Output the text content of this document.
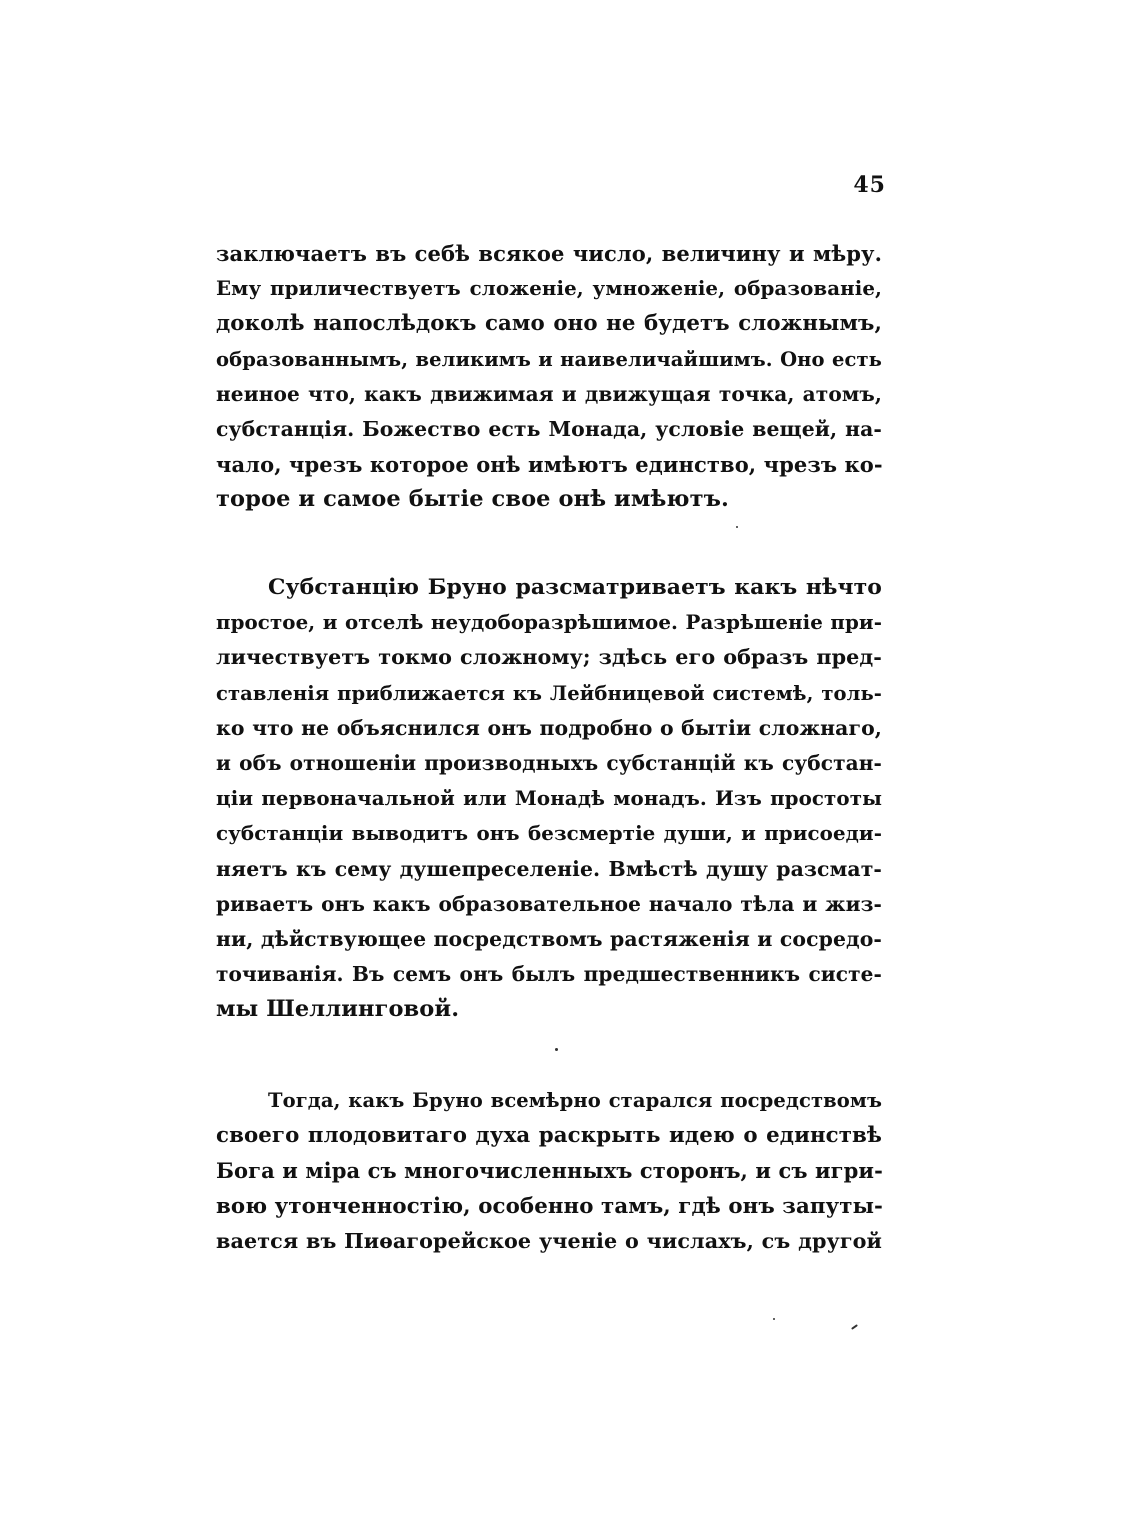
45
заключаетъ въ себѣ всякое число, величину и мѣру.
Ему приличествуетъ сложеніе, умноженіе, образованіе,
доколѣ напослѣдокъ само оно не будетъ сложнымъ,
образованнымъ, великимъ и наивеличайшимъ. Оно есть
неиное что, какъ движимая и движущая точка, атомъ,
субстанція. Божество есть Монада, условіе вещей, на-
чало, чрезъ которое онѣ имѣютъ единство, чрезъ ко-
торое и самое бытіе свое онѣ имѣютъ.
Субстанцію Бруно разсматриваетъ какъ нѣчто
простое, и отселѣ неудоборазрѣшимое. Разрѣшеніе при-
личествуетъ токмо сложному; здѣсь его образъ пред-
ставленія приближается къ Лейбницевой системѣ, толь-
ко что не объяснился онъ подробно о бытіи сложнаго,
и объ отношеніи производныхъ субстанцій къ субстан-
ціи первоначальной или Монадѣ монадъ. Изъ простоты
субстанціи выводитъ онъ безсмертіе души, и присоеди-
няетъ къ сему душепреселеніе. Вмѣстѣ душу разсмат-
риваетъ онъ какъ образовательное начало тѣла и жиз-
ни, дѣйствующее посредствомъ растяженія и сосредо-
точиванія. Въ семъ онъ былъ предшественникъ систе-
мы Шеллинговой.
Тогда, какъ Бруно всемѣрно старался посредствомъ
своего плодовитаго духа раскрыть идею о единствѣ
Бога и міра съ многочисленныхъ сторонъ, и съ игри-
вою утонченностію, особенно тамъ, гдѣ онъ запуты-
вается въ Пиѳагорейское ученіе о числахъ, съ другой
